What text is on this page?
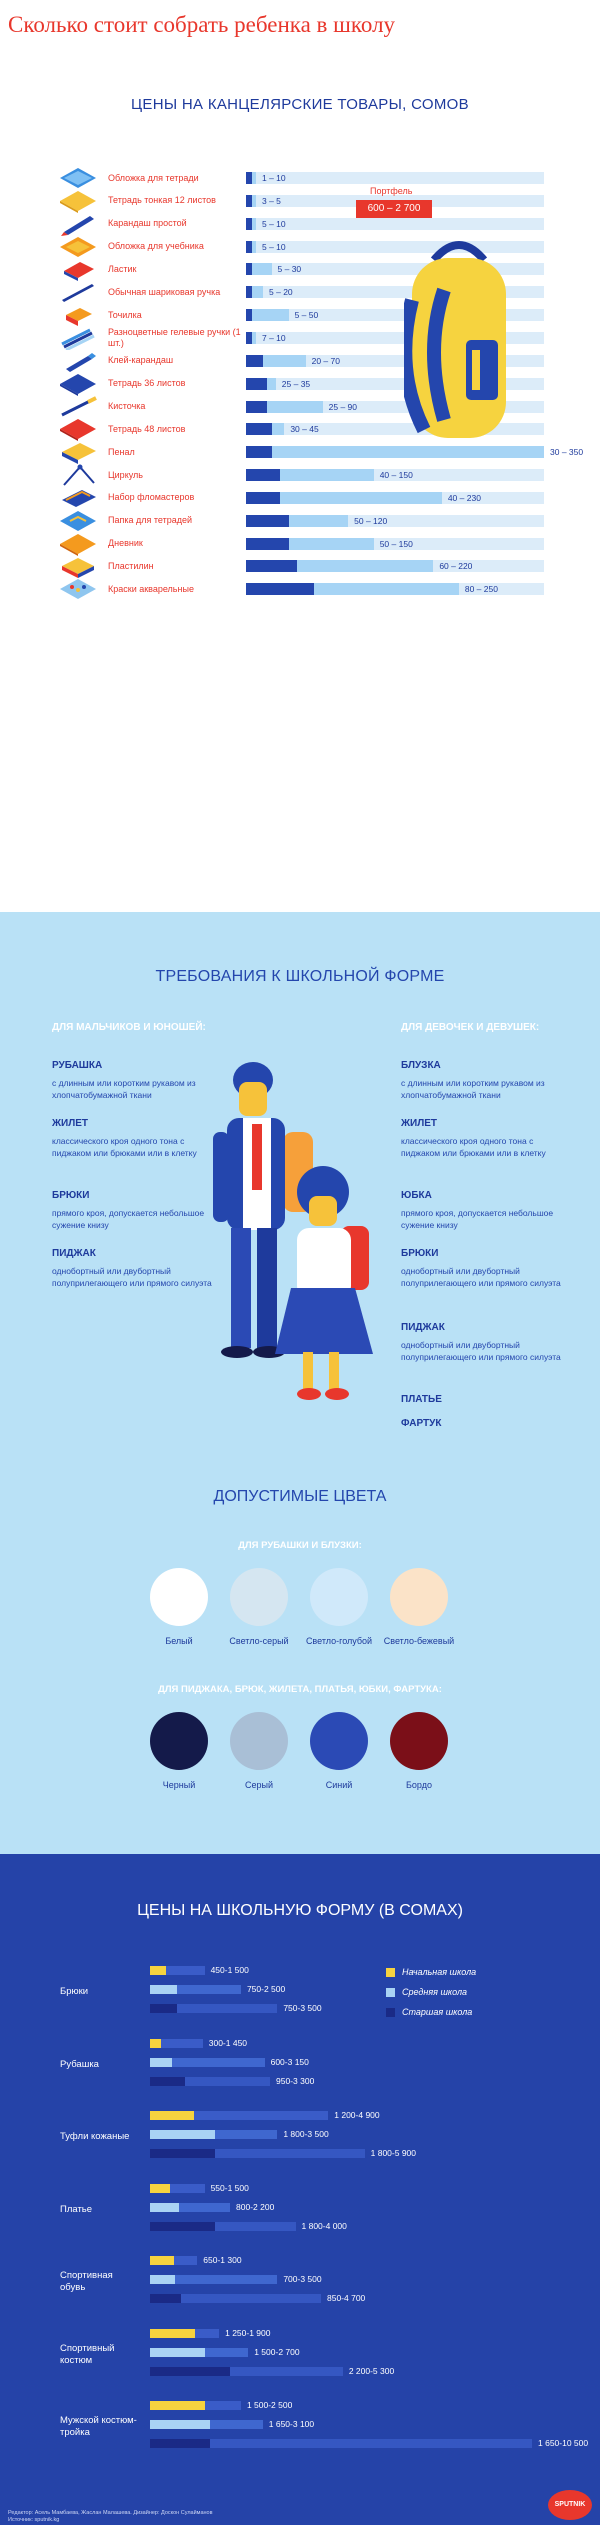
Сколько стоит собрать ребенка в школу
ЦЕНЫ НА КАНЦЕЛЯРСКИЕ ТОВАРЫ, СОМОВ
Обложка для тетради	1 – 10
Тетрадь тонкая 12 листов	3 – 5
Карандаш простой	5 – 10
Обложка для учебника	5 – 10
Ластик	5 – 30
Обычная шариковая ручка	5 – 20
Точилка	5 – 50
Разноцветные гелевые ручки (1 шт.)	7 – 10
Клей-карандаш	20 – 70
Тетрадь 36 листов	25 – 35
Кисточка	25 – 90
Тетрадь 48 листов	30 – 45
Пенал	30 – 350
Циркуль	40 – 150
Набор фломастеров	40 – 230
Папка для тетрадей	50 – 120
Дневник	50 – 150
Пластилин	60 – 220
Краски акварельные	80 – 250
Портфель
600 – 2 700
ТРЕБОВАНИЯ К ШКОЛЬНОЙ ФОРМЕ
ДЛЯ МАЛЬЧИКОВ И ЮНОШЕЙ:	ДЛЯ ДЕВОЧЕК И ДЕВУШЕК:
РУБАШКА
с длинным или коротким рукавом из хлопчатобумажной ткани
ЖИЛЕТ
классического кроя одного тона с пиджаком или брюками или в клетку
БРЮКИ
прямого кроя, допускается небольшое сужение книзу
ПИДЖАК
однобортный или двубортный полуприлегающего или прямого силуэта
БЛУЗКА
с длинным или коротким рукавом из хлопчатобумажной ткани
ЖИЛЕТ
классического кроя одного тона с пиджаком или брюками или в клетку
ЮБКА
прямого кроя, допускается небольшое сужение книзу
БРЮКИ
однобортный или двубортный полуприлегающего или прямого силуэта
ПИДЖАК
однобортный или двубортный полуприлегающего или прямого силуэта
ПЛАТЬЕ
ФАРТУК
ДОПУСТИМЫЕ ЦВЕТА
ДЛЯ РУБАШКИ И БЛУЗКИ:
ДЛЯ ПИДЖАКА, БРЮК, ЖИЛЕТА, ПЛАТЬЯ, ЮБКИ, ФАРТУКА:
Белый	Светло-серый	Светло-голубой	Светло-бежевый
Черный	Серый	Синий	Бордо
ЦЕНЫ НА ШКОЛЬНУЮ ФОРМУ (В СОМАХ)
Начальная школа
Средняя школа
Старшая школа
Брюки
450-1 500
750-2 500
750-3 500
Рубашка
300-1 450
600-3 150
950-3 300
Туфли кожаные
1 200-4 900
1 800-3 500
1 800-5 900
Платье
550-1 500
800-2 200
1 800-4 000
Спортивная обувь
650-1 300
700-3 500
850-4 700
Спортивный костюм
1 250-1 900
1 500-2 700
2 200-5 300
Мужской костюм-тройка
1 500-2 500
1 650-3 100
1 650-10 500
Редактор: Асель Мамбаева, Жаслан Малашева. Дизайнер: Доскон Сулайманов
Источник: sputnik.kg
SPUTNIK
